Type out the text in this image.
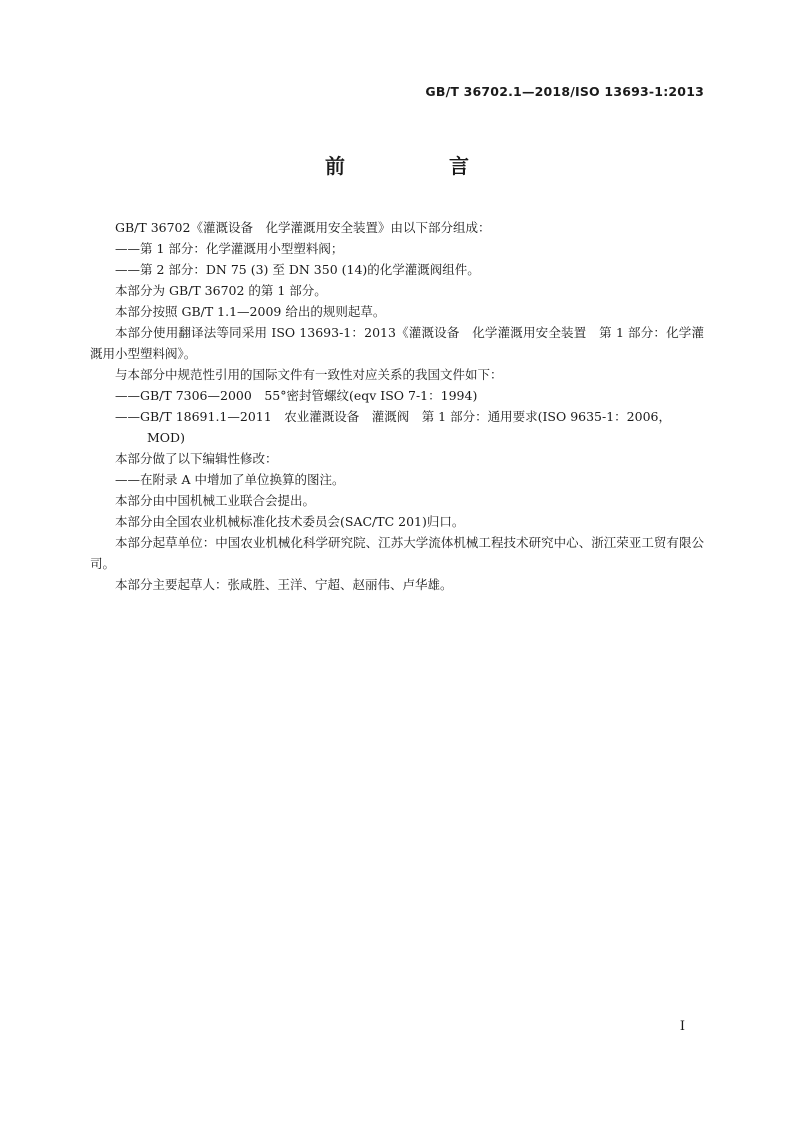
GB/T 36702.1—2018/ISO 13693-1:2013
前　言

GB/T 36702《灌溉设备　化学灌溉用安全装置》由以下部分组成：

——第 1 部分：化学灌溉用小型塑料阀；

——第 2 部分：DN 75 (3) 至 DN 350 (14)的化学灌溉阀组件。

本部分为 GB/T 36702 的第 1 部分。

本部分按照 GB/T 1.1—2009 给出的规则起草。

本部分使用翻译法等同采用 ISO 13693-1：2013《灌溉设备　化学灌溉用安全装置　第 1 部分：化学灌溉用小型塑料阀》。

与本部分中规范性引用的国际文件有一致性对应关系的我国文件如下：

——GB/T 7306—2000　55°密封管螺纹(eqv ISO 7-1：1994)

——GB/T 18691.1—2011　农业灌溉设备　灌溉阀　第 1 部分：通用要求(ISO 9635-1：2006，MOD)

本部分做了以下编辑性修改：

——在附录 A 中增加了单位换算的图注。

本部分由中国机械工业联合会提出。

本部分由全国农业机械标准化技术委员会(SAC/TC 201)归口。

本部分起草单位：中国农业机械化科学研究院、江苏大学流体机械工程技术研究中心、浙江荣亚工贸有限公司。

本部分主要起草人：张咸胜、王洋、宁超、赵丽伟、卢华雄。

I
